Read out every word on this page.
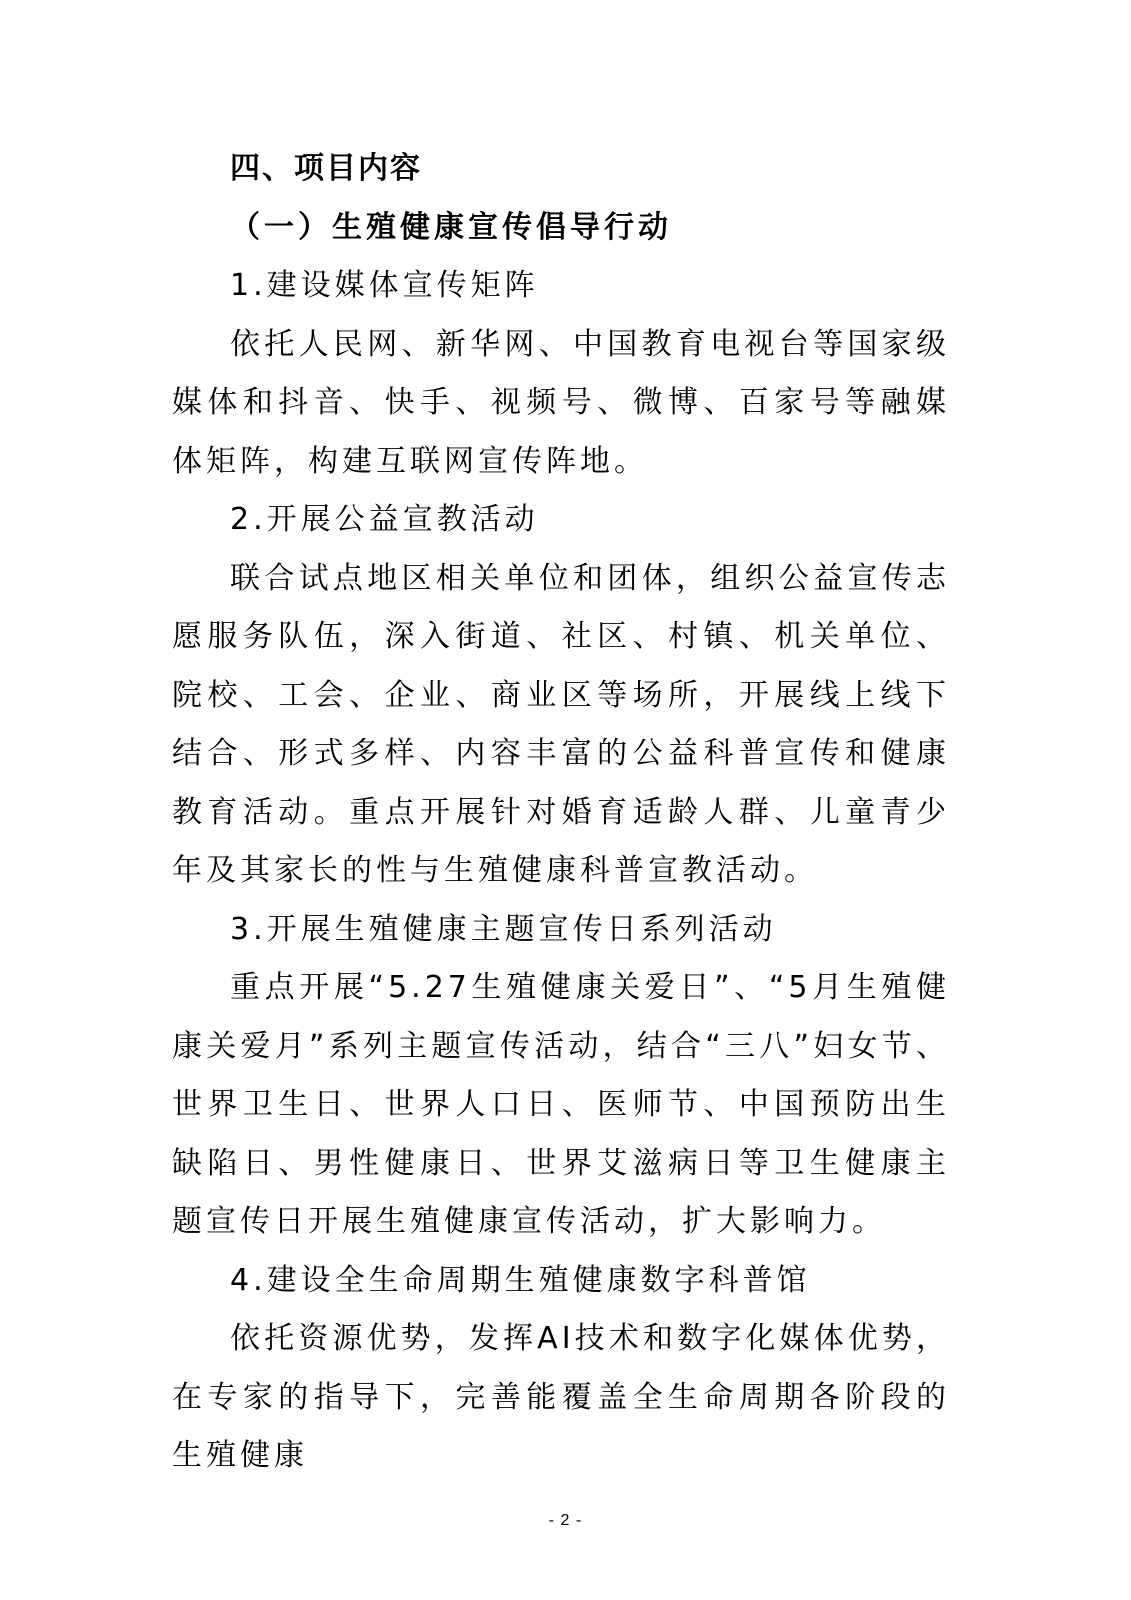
四、项目内容

（一）生殖健康宣传倡导行动

1.建设媒体宣传矩阵

依托人民网、新华网、中国教育电视台等国家级媒体和抖音、快手、视频号、微博、百家号等融媒体矩阵，构建互联网宣传阵地。

2.开展公益宣教活动

联合试点地区相关单位和团体，组织公益宣传志愿服务队伍，深入街道、社区、村镇、机关单位、院校、工会、企业、商业区等场所，开展线上线下结合、形式多样、内容丰富的公益科普宣传和健康教育活动。重点开展针对婚育适龄人群、儿童青少年及其家长的性与生殖健康科普宣教活动。

3.开展生殖健康主题宣传日系列活动

重点开展“5.27生殖健康关爱日”、“5月生殖健康关爱月”系列主题宣传活动，结合“三八”妇女节、世界卫生日、世界人口日、医师节、中国预防出生缺陷日、男性健康日、世界艾滋病日等卫生健康主题宣传日开展生殖健康宣传活动，扩大影响力。

4.建设全生命周期生殖健康数字科普馆

依托资源优势，发挥AI技术和数字化媒体优势，在专家的指导下，完善能覆盖全生命周期各阶段的生殖健康

- 2 -
